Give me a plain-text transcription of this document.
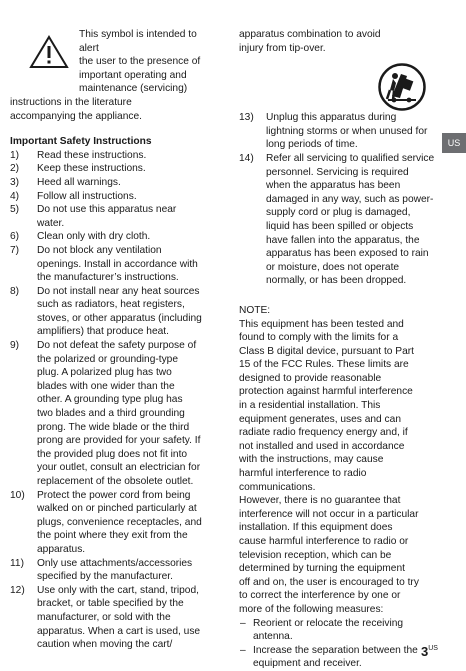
This symbol is intended to alert
the user to the presence of
important operating and
maintenance (servicing)
instructions in the literature
accompanying the appliance.
Important Safety Instructions
1) Read these instructions.
2) Keep these instructions.
3) Heed all warnings.
4) Follow all instructions.
5) Do not use this apparatus near
water.
6) Clean only with dry cloth.
7) Do not block any ventilation
openings. Install in accordance with
the manufacturer’s instructions.
8) Do not install near any heat sources
such as radiators, heat registers,
stoves, or other apparatus (including
amplifiers) that produce heat.
9) Do not defeat the safety purpose of
the polarized or grounding-type
plug. A polarized plug has two
blades with one wider than the
other. A grounding type plug has
two blades and a third grounding
prong. The wide blade or the third
prong are provided for your safety. If
the provided plug does not fit into
your outlet, consult an electrician for
replacement of the obsolete outlet.
10) Protect the power cord from being
walked on or pinched particularly at
plugs, convenience receptacles, and
the point where they exit from the
apparatus.
11) Only use attachments/accessories
specified by the manufacturer.
12) Use only with the cart, stand, tripod,
bracket, or table specified by the
manufacturer, or sold with the
apparatus. When a cart is used, use
caution when moving the cart/
apparatus combination to avoid
injury from tip-over.
13) Unplug this apparatus during
lightning storms or when unused for
long periods of time.
14) Refer all servicing to qualified service
personnel. Servicing is required
when the apparatus has been
damaged in any way, such as power-
supply cord or plug is damaged,
liquid has been spilled or objects
have fallen into the apparatus, the
apparatus has been exposed to rain
or moisture, does not operate
normally, or has been dropped.
NOTE:
This equipment has been tested and
found to comply with the limits for a
Class B digital device, pursuant to Part
15 of the FCC Rules. These limits are
designed to provide reasonable
protection against harmful interference
in a residential installation. This
equipment generates, uses and can
radiate radio frequency energy and, if
not installed and used in accordance
with the instructions, may cause
harmful interference to radio
communications.
However, there is no guarantee that
interference will not occur in a particular
installation. If this equipment does
cause harmful interference to radio or
television reception, which can be
determined by turning the equipment
off and on, the user is encouraged to try
to correct the interference by one or
more of the following measures:
– Reorient or relocate the receiving
antenna.
– Increase the separation between the
equipment and receiver.
US
$3^{US}$
